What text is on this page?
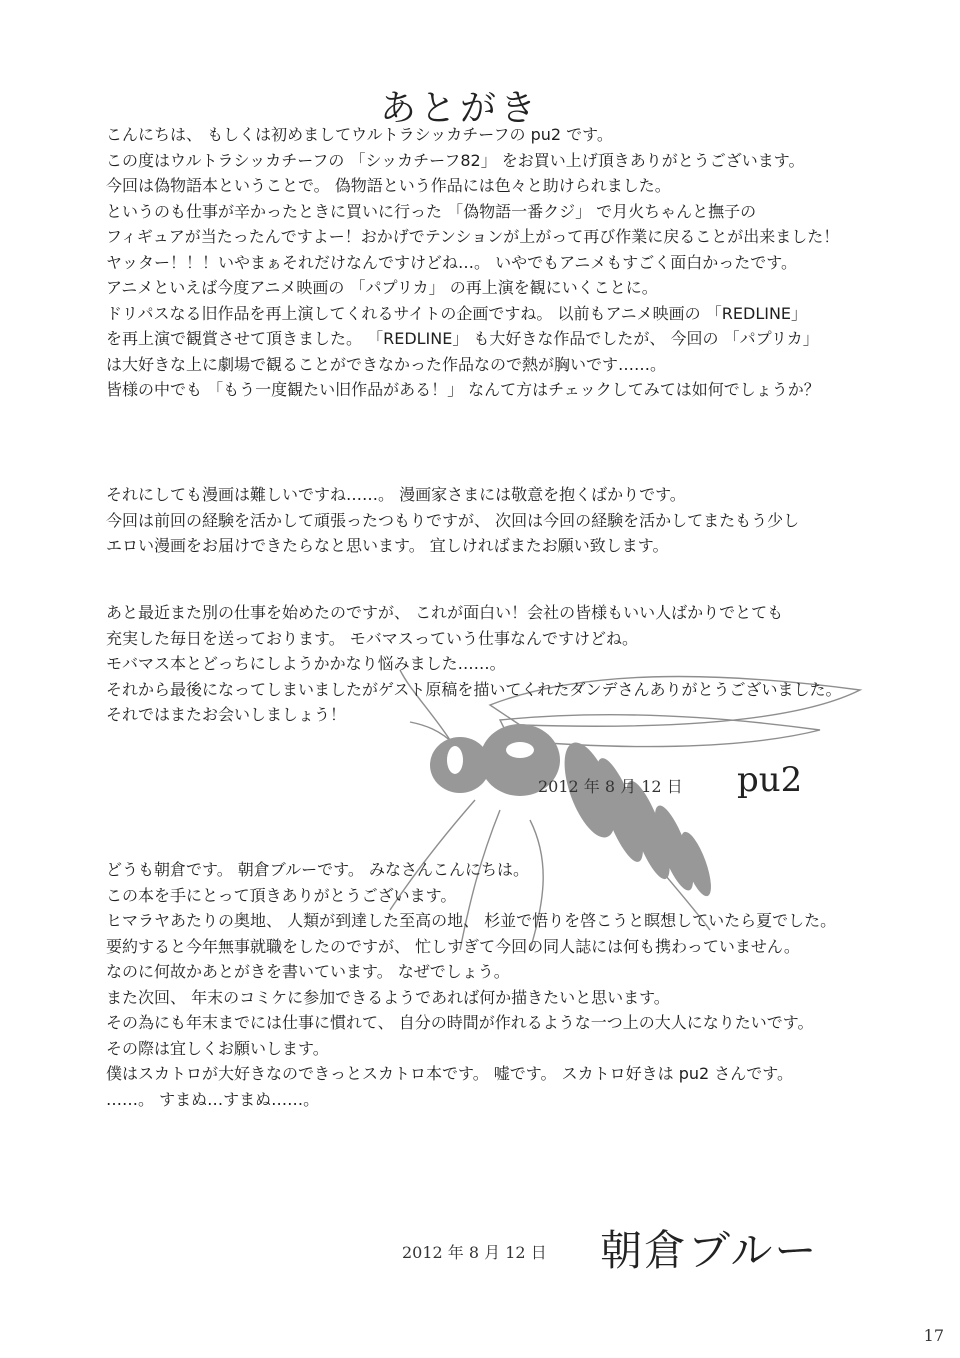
あとがき
こんにちは、 もしくは初めましてウルトラシッカチーフの pu2 です。
この度はウルトラシッカチーフの 「シッカチーフ82」 をお買い上げ頂きありがとうございます。
今回は偽物語本ということで。 偽物語という作品には色々と助けられました。
というのも仕事が辛かったときに買いに行った 「偽物語一番クジ」 で月火ちゃんと撫子の
フィギュアが当たったんですよー！おかげでテンションが上がって再び作業に戻ることが出来ました！
ヤッター！！！いやまぁそれだけなんですけどね…。 いやでもアニメもすごく面白かったです。
アニメといえば今度アニメ映画の 「パプリカ」 の再上演を観にいくことに。
ドリパスなる旧作品を再上演してくれるサイトの企画ですね。 以前もアニメ映画の 「REDLINE」
を再上演で観賞させて頂きました。 「REDLINE」 も大好きな作品でしたが、 今回の 「パプリカ」
は大好きな上に劇場で観ることができなかった作品なので熱が胸いです……。
皆様の中でも 「もう一度観たい旧作品がある！」 なんて方はチェックしてみては如何でしょうか？
それにしても漫画は難しいですね……。 漫画家さまには敬意を抱くばかりです。
今回は前回の経験を活かして頑張ったつもりですが、 次回は今回の経験を活かしてまたもう少し
エロい漫画をお届けできたらなと思います。 宜しければまたお願い致します。
あと最近また別の仕事を始めたのですが、 これが面白い！会社の皆様もいい人ばかりでとても
充実した毎日を送っております。 モバマスっていう仕事なんですけどね。
モバマス本とどっちにしようかかなり悩みました……。
それから最後になってしまいましたがゲスト原稿を描いてくれたダンデさんありがとうございました。
それではまたお会いしましょう！
2012 年 8 月 12 日 pu2
どうも朝倉です。 朝倉ブルーです。 みなさんこんにちは。
この本を手にとって頂きありがとうございます。
ヒマラヤあたりの奥地、 人類が到達した至高の地、 杉並で悟りを啓こうと瞑想していたら夏でした。
要約すると今年無事就職をしたのですが、 忙しすぎて今回の同人誌には何も携わっていません。
なのに何故かあとがきを書いています。 なぜでしょう。
また次回、 年末のコミケに参加できるようであれば何か描きたいと思います。
その為にも年末までには仕事に慣れて、 自分の時間が作れるような一つ上の大人になりたいです。
その際は宜しくお願いします。
僕はスカトロが大好きなのできっとスカトロ本です。 嘘です。 スカトロ好きは pu2 さんです。
……。 すまぬ…すまぬ……。
2012 年 8 月 12 日 朝倉ブルー
17
